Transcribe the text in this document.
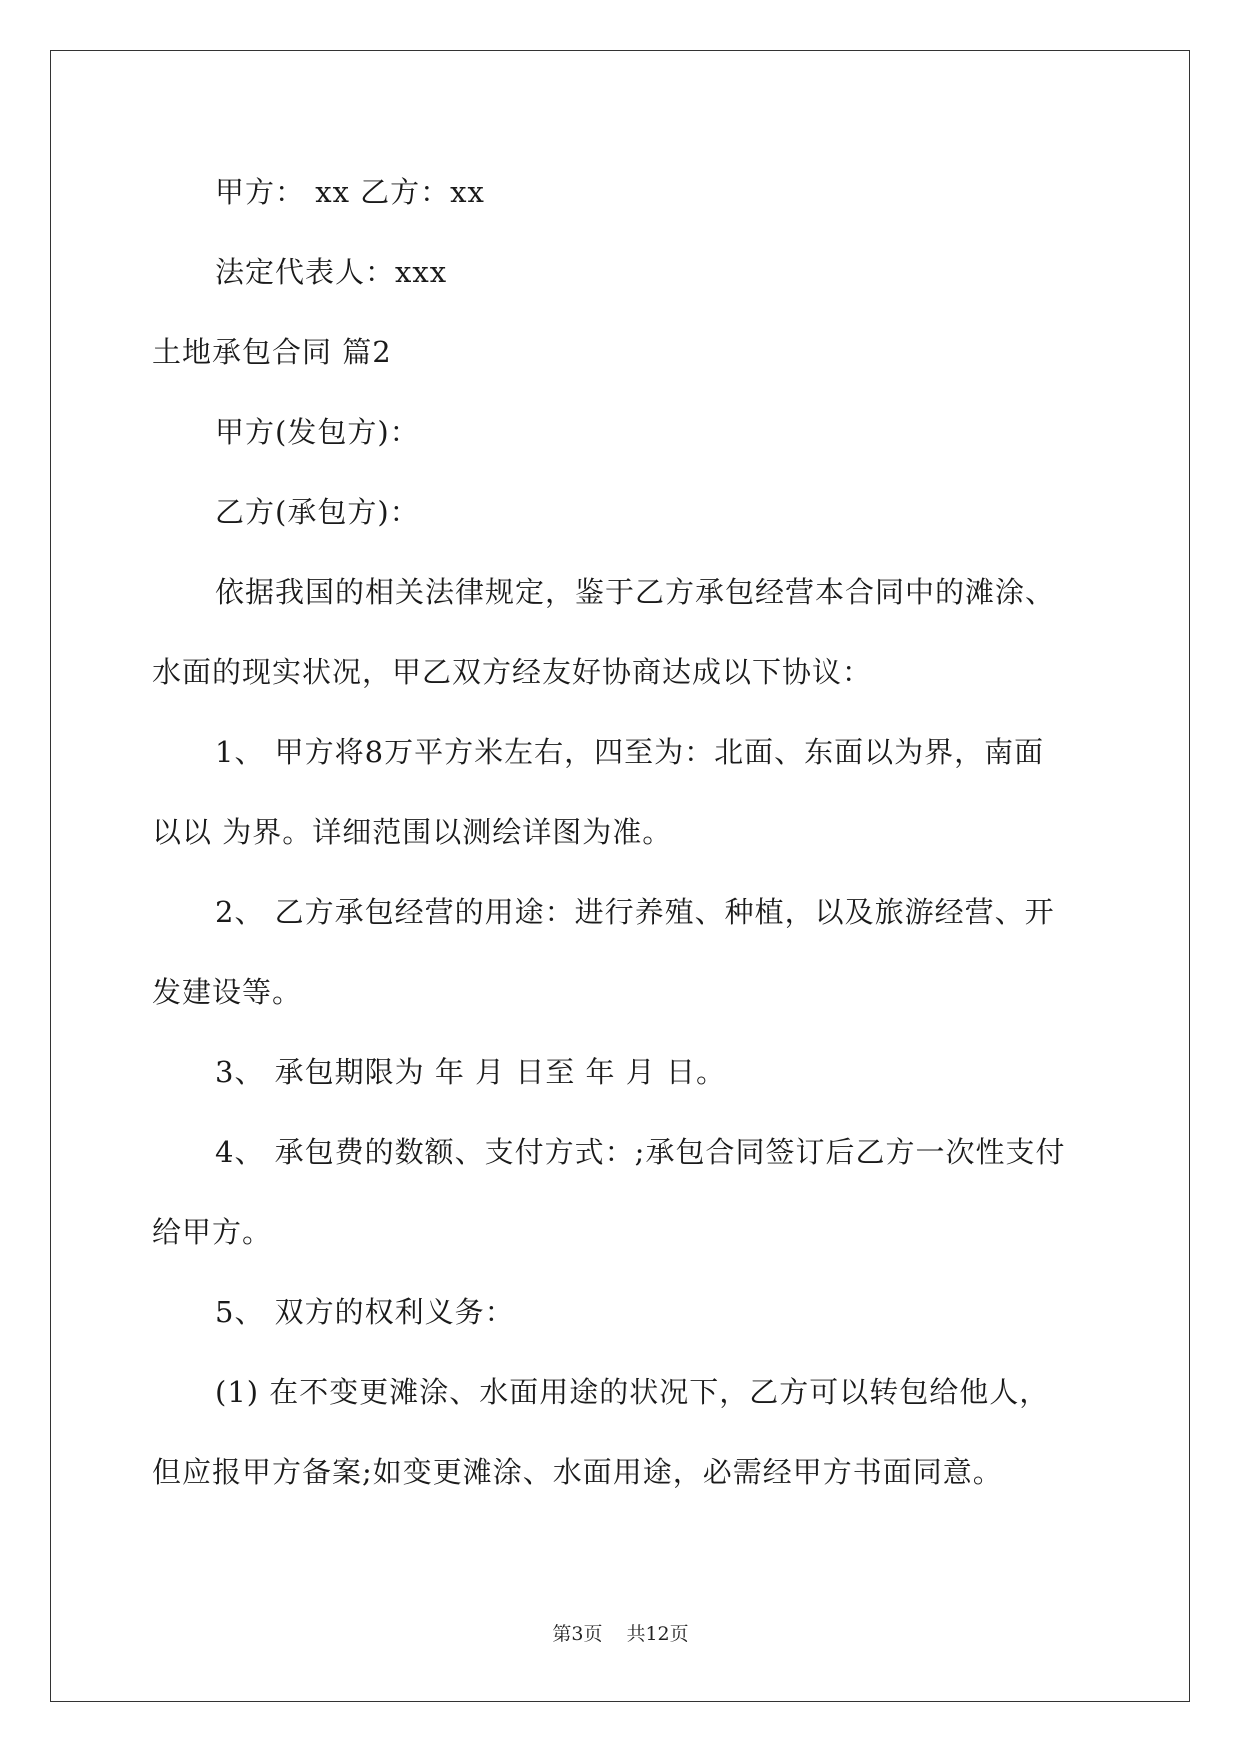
甲方： xx 乙方：xx

法定代表人：xxx

土地承包合同 篇2

甲方(发包方)：

乙方(承包方)：

依据我国的相关法律规定，鉴于乙方承包经营本合同中的滩涂、

水面的现实状况，甲乙双方经友好协商达成以下协议：

1、 甲方将8万平方米左右，四至为：北面、东面以为界，南面

以以 为界。详细范围以测绘详图为准。

2、 乙方承包经营的用途：进行养殖、种植，以及旅游经营、开

发建设等。

3、 承包期限为 年 月 日至 年 月 日。

4、 承包费的数额、支付方式：;承包合同签订后乙方一次性支付

给甲方。

5、 双方的权利义务：

(1) 在不变更滩涂、水面用途的状况下，乙方可以转包给他人，

但应报甲方备案;如变更滩涂、水面用途，必需经甲方书面同意。

第3页 共12页
